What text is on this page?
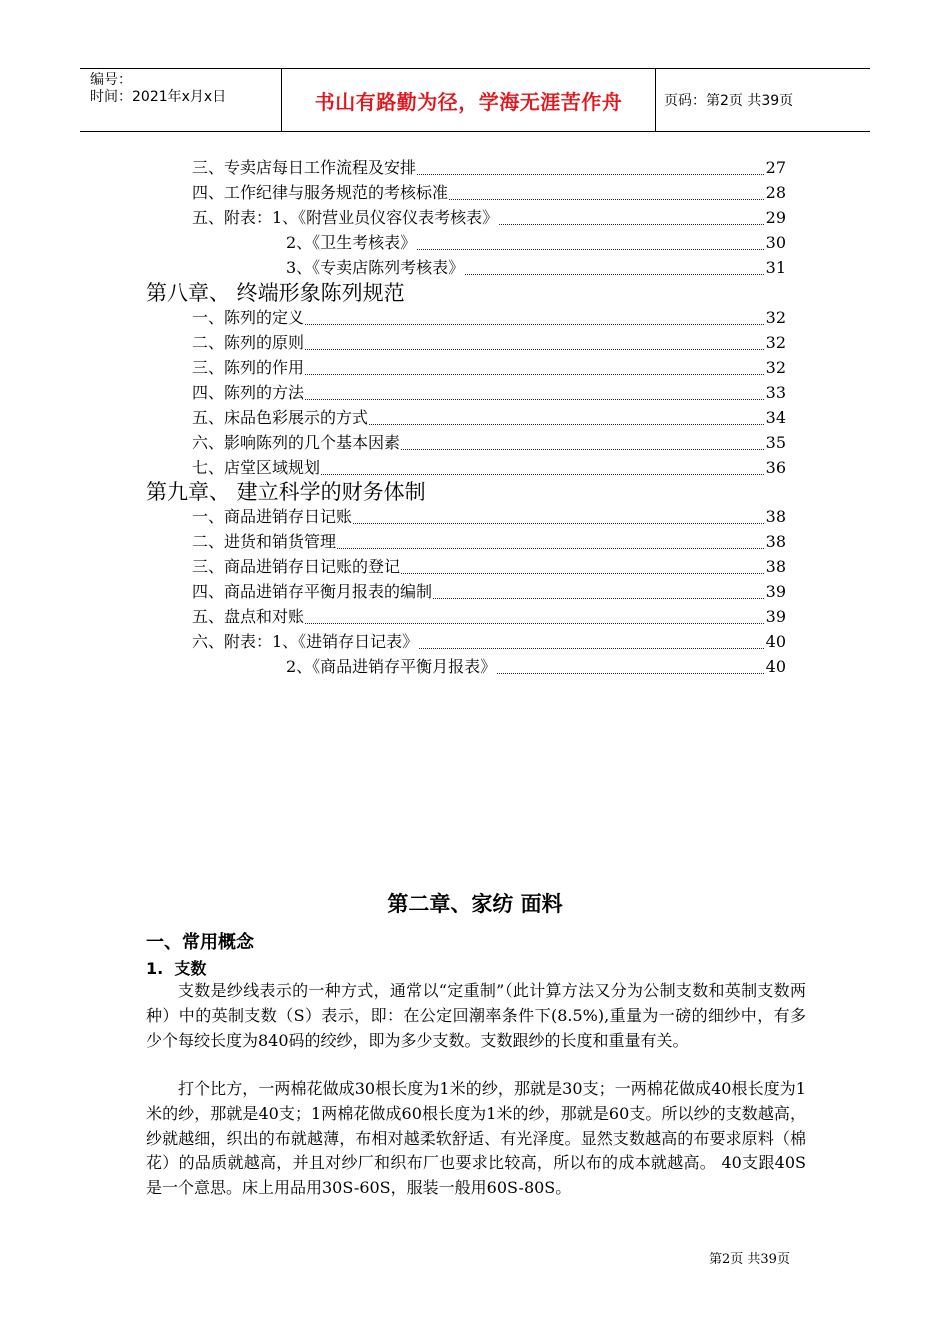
编号：
时间：2021年x月x日	书山有路勤为径，学海无涯苦作舟	页码：第2页 共39页
三、专卖店每日工作流程及安排	27
四、工作纪律与服务规范的考核标准	28
五、附表：1、《附营业员仪容仪表考核表》	29
2、《卫生考核表》	30
3、《专卖店陈列考核表》	31
第八章、 终端形象陈列规范
一、陈列的定义	32
二、陈列的原则	32
三、陈列的作用	32
四、陈列的方法	33
五、床品色彩展示的方式	34
六、影响陈列的几个基本因素	35
七、店堂区域规划	36
第九章、 建立科学的财务体制
一、商品进销存日记账	38
二、进货和销货管理	38
三、商品进销存日记账的登记	38
四、商品进销存平衡月报表的编制	39
五、盘点和对账	39
六、附表：1、《进销存日记表》	40
2、《商品进销存平衡月报表》	40
第二章、家纺 面料
一、常用概念
1.  支数

支数是纱线表示的一种方式，通常以“定重制”（此计算方法又分为公制支数和英制支数两种）中的英制支数（S）表示，即：在公定回潮率条件下(8.5%),重量为一磅的细纱中，有多少个每绞长度为840码的绞纱，即为多少支数。支数跟纱的长度和重量有关。

打个比方，一两棉花做成30根长度为1米的纱，那就是30支；一两棉花做成40根长度为1米的纱，那就是40支；1两棉花做成60根长度为1米的纱，那就是60支。所以纱的支数越高，纱就越细，织出的布就越薄，布相对越柔软舒适、有光泽度。显然支数越高的布要求原料（棉花）的品质就越高，并且对纱厂和织布厂也要求比较高，所以布的成本就越高。 40支跟40S是一个意思。床上用品用30S-60S，服装一般用60S-80S。

第2页 共39页
